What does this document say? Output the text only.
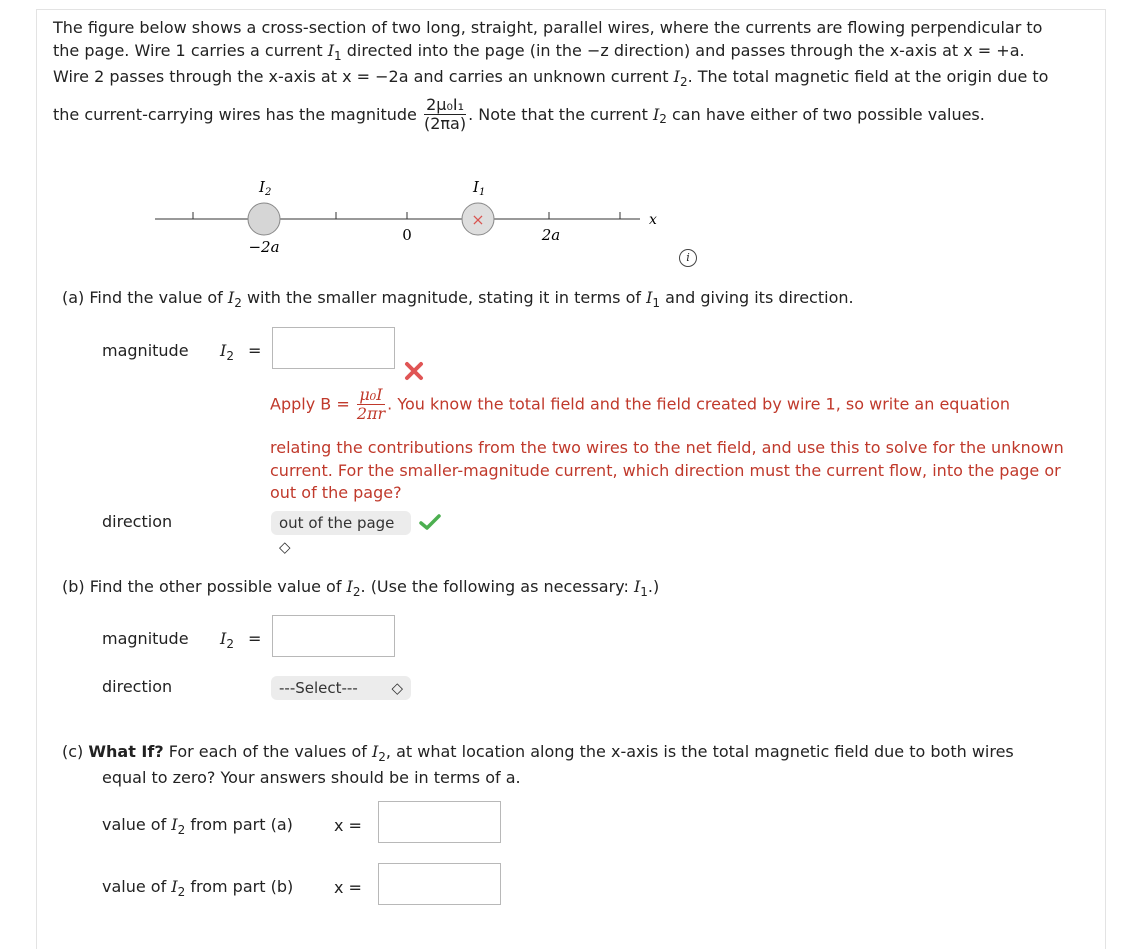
The figure below shows a cross-section of two long, straight, parallel wires, where the currents are flowing perpendicular to
the page. Wire 1 carries a current $I_1$ directed into the page (in the −z direction) and passes through the x-axis at x = +a.
Wire 2 passes through the x-axis at x = −2a and carries an unknown current $I_2$. The total magnetic field at the origin due to
the current-carrying wires has the magnitude $\frac{\text{2μ₀I₁}}{(2\pi a)}$ . Note that the current $I_2$ can have either of two possible values.
×
$I_2$	$I_1$
−2a
0	2a
x
i
(a) Find the value of $I_2$ with the smaller magnitude, stating it in terms of $I_1$ and giving its direction.
magnitude $I_2$ =
Apply $B = \frac{\text{μ₀I}}{2\pi r}$ . You know the total field and the field created by wire 1, so write an equation
relating the contributions from the two wires to the net field, and use this to solve for the unknown
current. For the smaller-magnitude current, which direction must the current flow, into the page or
out of the page?
direction	out of the page ◇
(b) Find the other possible value of $I_2$. (Use the following as necessary: $I_1$.)
magnitude $I_2$ =
direction	---Select--- ◇
(c) What If? For each of the values of $I_2$, at what location along the x-axis is the total magnetic field due to both wires
equal to zero? Your answers should be in terms of a.
value of $I_2$ from part (a)	x =
value of $I_2$ from part (b)	x =
